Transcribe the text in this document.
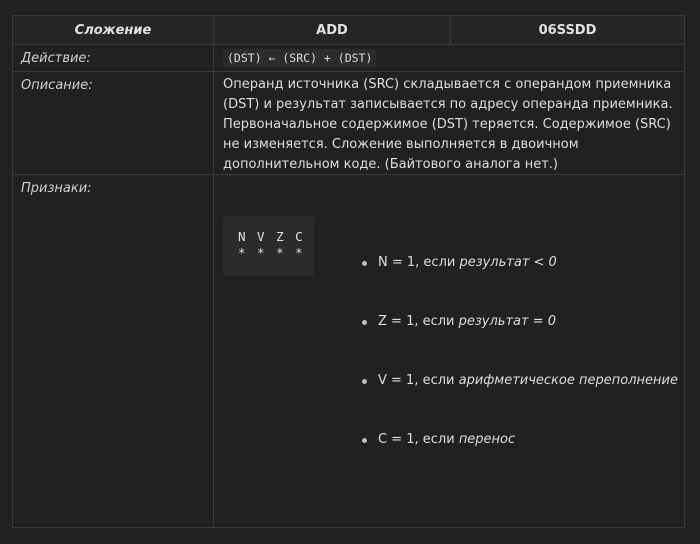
Сложение	ADD	06SSDD
Действие:	(DST) ← (SRC) + (DST)
Описание:	Операнд источника (SRC) складывается с операндом приемника (DST) и результат записывается по адресу операнда приемника. Первоначальное содержимое (DST) теряется. Содержимое (SRC) не изменяется. Сложение выполняется в двоичном дополнительном коде. (Байтового аналога нет.)
Признаки:
N V Z C
* * * *
N = 1, если результат < 0
Z = 1, если результат = 0
V = 1, если арифметическое переполнение
C = 1, если перенос
